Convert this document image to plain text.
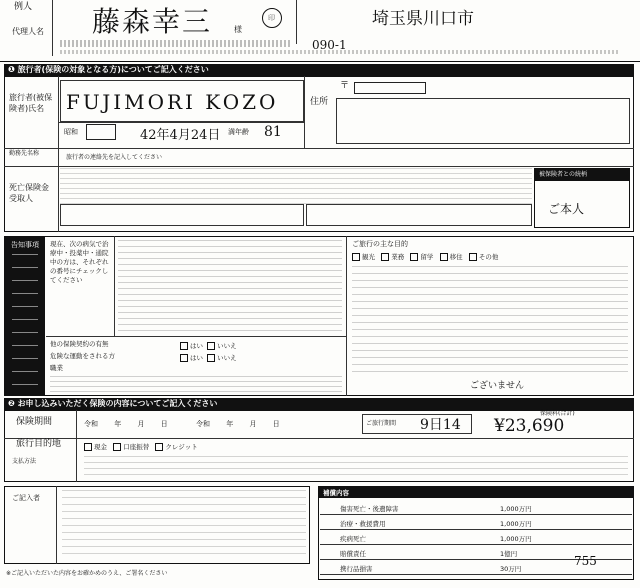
例人
代理人名 藤森幸三	様
印	埼玉県川口市
090-1
❶ 旅行者(保険の対象となる方)についてご記入ください
旅行者(被保険者)氏名	FUJIMORI KOZO
昭和	42年4月24日 満年齢 81
住所
〒
勤務先名称
旅行者の連絡先を記入してください
死亡保険金受取人
被保険者との続柄
ご本人
告知事項	現在、次の病気で治療中・投薬中・通院中の方は、それぞれの番号にチェックしてください
ご旅行の主な目的
観光 業務 留学 移住 その他
他の保険契約の有無
危険な運動をされる方
職業
はい いいえ
はい いいえ
ございません
❷ お申し込みいただく保険の内容についてご記入ください
保険期間	令和 年 月 日	令和 年 月 日	ご旅行期間 9日14
保険料(合計)
¥23,690
旅行目的地	現金 口座振替 クレジット
支払方法
ご記入者
補償内容
傷害死亡・後遺障害	1,000万円
治療・救援費用	1,000万円
疾病死亡	1,000万円
賠償責任	1億円
携行品損害	30万円
755
※ご記入いただいた内容をお確かめのうえ、ご署名ください
